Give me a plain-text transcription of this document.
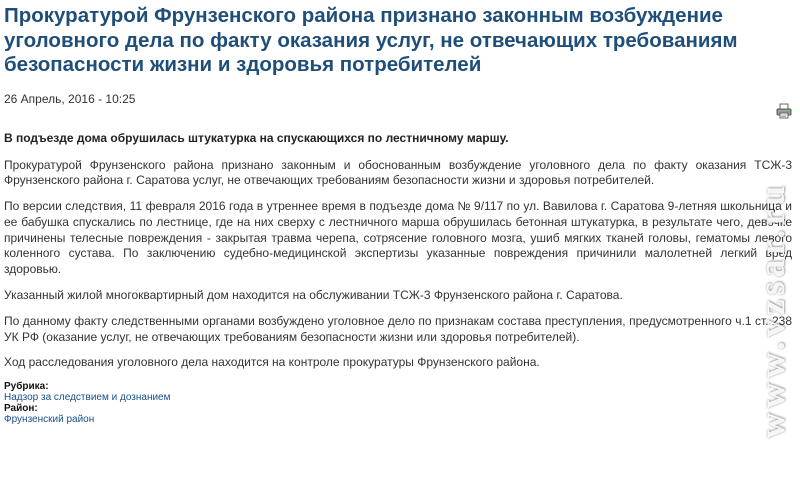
Прокуратурой Фрунзенского района признано законным возбуждение уголовного дела по факту оказания услуг, не отвечающих требованиям безопасности жизни и здоровья потребителей
26 Апрель, 2016 - 10:25

В подъезде дома обрушилась штукатурка на спускающихся по лестничному маршу.

Прокуратурой Фрунзенского района признано законным и обоснованным возбуждение уголовного дела по факту оказания ТСЖ-3 Фрунзенского района г. Саратова услуг, не отвечающих требованиям безопасности жизни и здоровья потребителей.

По версии следствия, 11 февраля 2016 года в утреннее время в подъезде дома № 9/117 по ул. Вавилова г. Саратова 9-летняя школьница и ее бабушка спускались по лестнице, где на них сверху с лестничного марша обрушилась бетонная штукатурка, в результате чего, девочке причинены телесные повреждения - закрытая травма черепа, сотрясение головного мозга, ушиб мягких тканей головы, гематомы левого коленного сустава. По заключению судебно-медицинской экспертизы указанные повреждения причинили малолетней легкий вред здоровью.

Указанный жилой многоквартирный дом находится на обслуживании ТСЖ-3 Фрунзенского района г. Саратова.

По данному факту следственными органами возбуждено уголовное дело по признакам состава преступления, предусмотренного ч.1 ст. 238 УК РФ (оказание услуг, не отвечающих требованиям безопасности жизни или здоровья потребителей).

Ход расследования уголовного дела находится на контроле прокуратуры Фрунзенского района.

Рубрика:
Надзор за следствием и дознанием
Район:
Фрунзенский район	www.vzsar.ru
